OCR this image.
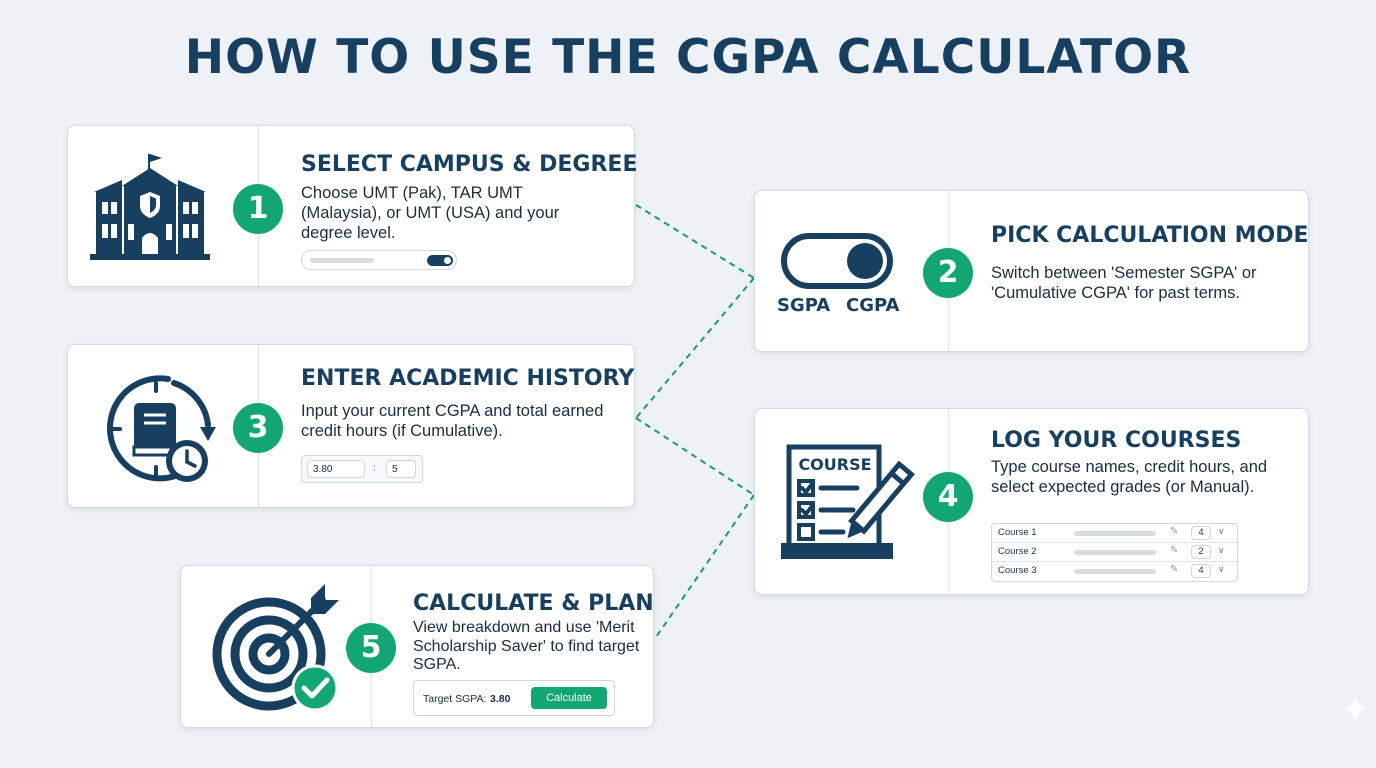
HOW TO USE THE CGPA CALCULATOR
1
SELECT CAMPUS & DEGREE
Choose UMT (Pak), TAR UMT (Malaysia), or UMT (USA) and your degree level.
SGPA CGPA
2
PICK CALCULATION MODE
Switch between 'Semester SGPA' or 'Cumulative CGPA' for past terms.
3
ENTER ACADEMIC HISTORY
Input your current CGPA and total earned credit hours (if Cumulative).
3.80	:	5	COURSE
4
LOG YOUR COURSES
Type course names, credit hours, and select expected grades (or Manual).
Course 1	✎	4	∨
Course 2	✎	2	∨
Course 3	✎	4	∨
5
CALCULATE & PLAN
View breakdown and use 'Merit Scholarship Saver' to find target SGPA.
Target SGPA: 3.80	Calculate
